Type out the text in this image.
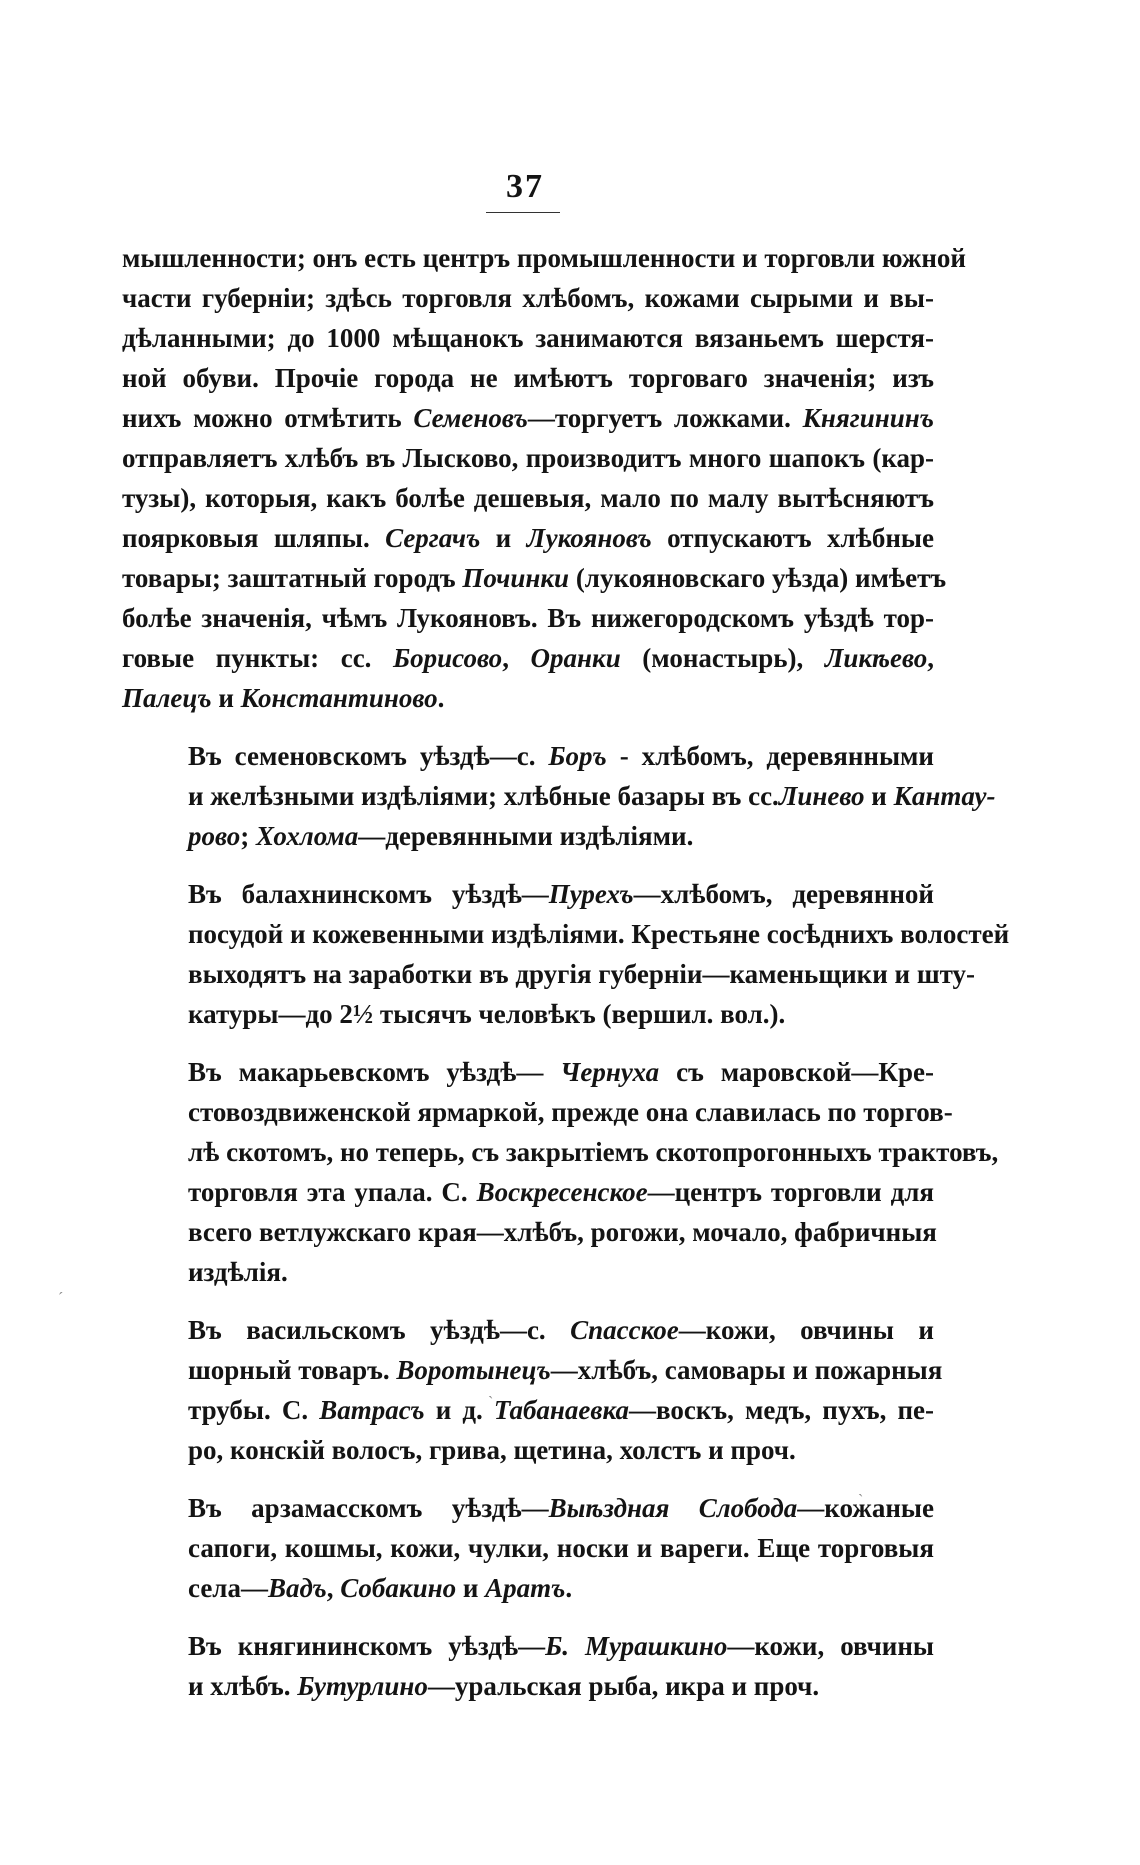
37

мышленности; онъ есть центръ промышленности и торговли южной
части губерніи; здѣсь торговля хлѣбомъ, кожами сырыми и вы-
дѣланными; до 1000 мѣщанокъ занимаются вязаньемъ шерстя-
ной обуви. Прочіе города не имѣютъ торговаго значенія; изъ
нихъ можно отмѣтить Семеновъ—торгуетъ ложками. Княгининъ
отправляетъ хлѣбъ въ Лысково, производитъ много шапокъ (кар-
тузы), которыя, какъ болѣе дешевыя, мало по малу вытѣсняютъ
поярковыя шляпы. Сергачъ и Лукояновъ отпускаютъ хлѣбные
товары; заштатный городъ Починки (лукояновскаго уѣзда) имѣетъ
болѣе значенія, чѣмъ Лукояновъ. Въ нижегородскомъ уѣздѣ тор-
говые пункты: сс. Борисово, Оранки (монастырь), Ликѣево,
Палецъ и Константиново.

Въ семеновскомъ уѣздѣ—с. Боръ - хлѣбомъ, деревянными
и желѣзными издѣліями; хлѣбные базары въ сс.Линево и Кантау-
рово; Хохлома—деревянными издѣліями.

Въ балахнинскомъ уѣздѣ—Пурехъ—хлѣбомъ, деревянной
посудой и кожевенными издѣліями. Крестьяне сосѣднихъ волостей
выходятъ на заработки въ другія губерніи—каменьщики и шту-
катуры—до 2½ тысячъ человѣкъ (вершил. вол.).

Въ макарьевскомъ уѣздѣ— Чернуха съ маровской—Кре-
стовоздвиженской ярмаркой, прежде она славилась по торгов-
лѣ скотомъ, но теперь, съ закрытіемъ скотопрогонныхъ трактовъ,
торговля эта упала. С. Воскресенское—центръ торговли для
всего ветлужскаго края—хлѣбъ, рогожи, мочало, фабричныя
издѣлія.

Въ васильскомъ уѣздѣ—с. Спасское—кожи, овчины и
шорный товаръ. Воротынецъ—хлѣбъ, самовары и пожарныя
трубы. С. Ватрасъ и д. Табанаевка—воскъ, медъ, пухъ, пе-
ро, конскій волосъ, грива, щетина, холстъ и проч.

Въ арзамасскомъ уѣздѣ—Выѣздная Слобода—кожаные
сапоги, кошмы, кожи, чулки, носки и вареги. Еще торговыя
села—Вадъ, Собакино и Аратъ.

Въ княгининскомъ уѣздѣ—Б. Мурашкино—кожи, овчины
и хлѣбъ. Бутурлино—уральская рыба, икра и проч.

ˊ
ˏ
ˏ
